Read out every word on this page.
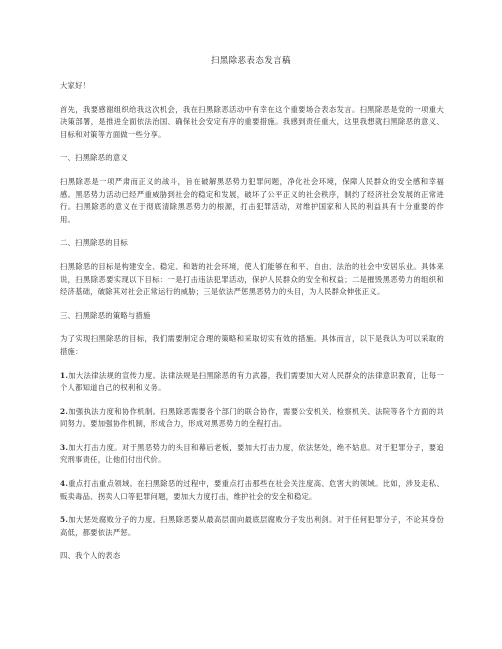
扫黑除恶表态发言稿

大家好！

首先，我要感谢组织给我这次机会，我在扫黑除恶活动中有幸在这个重要场合表态发言。扫黑除恶是党的一项重大决策部署，是推进全面依法治国、确保社会安定有序的重要措施。我感到责任重大，这里我想就扫黑除恶的意义、目标和对策等方面做一些分享。

一、扫黑除恶的意义

扫黑除恶是一项严肃而正义的战斗，旨在破解黑恶势力犯罪问题，净化社会环境，保障人民群众的安全感和幸福感。黑恶势力活动已经严重威胁到社会的稳定和发展，破坏了公平正义的社会秩序，制约了经济社会发展的正常进行。扫黑除恶的意义在于彻底清除黑恶势力的根源，打击犯罪活动，对维护国家和人民的利益具有十分重要的作用。

二、扫黑除恶的目标

扫黑除恶的目标是构建安全、稳定、和谐的社会环境，使人们能够在和平、自由、法治的社会中安居乐业。具体来说，扫黑除恶要实现以下目标：一是打击违法犯罪活动，保护人民群众的安全和权益；二是摧毁黑恶势力的组织和经济基础，破除其对社会正常运行的威胁；三是依法严惩黑恶势力的头目，为人民群众伸张正义。

三、扫黑除恶的策略与措施

为了实现扫黑除恶的目标，我们需要制定合理的策略和采取切实有效的措施。具体而言，以下是我认为可以采取的措施：

1.加大法律法规的宣传力度。法律法规是扫黑除恶的有力武器，我们需要加大对人民群众的法律意识教育，让每一个人都知道自己的权利和义务。

2.加强执法力度和协作机制。扫黑除恶需要各个部门的联合协作，需要公安机关、检察机关、法院等各个方面的共同努力。要加强协作机制，形成合力，形成对黑恶势力的全程打击。

3.加大打击力度。对于黑恶势力的头目和幕后老板，要加大打击力度，依法惩处，绝不姑息。对于犯罪分子，要追究刑事责任，让他们付出代价。

4.重点打击重点领域。在扫黑除恶的过程中，要重点打击那些在社会关注度高、危害大的领域。比如，涉及走私、贩卖毒品、拐卖人口等犯罪问题，要加大力度打击，维护社会的安全和稳定。

5.加大惩处腐败分子的力度。扫黑除恶要从最高层面向最底层腐败分子发出利剑。对于任何犯罪分子，不论其身份高低，都要依法严惩。

四、我个人的表态
